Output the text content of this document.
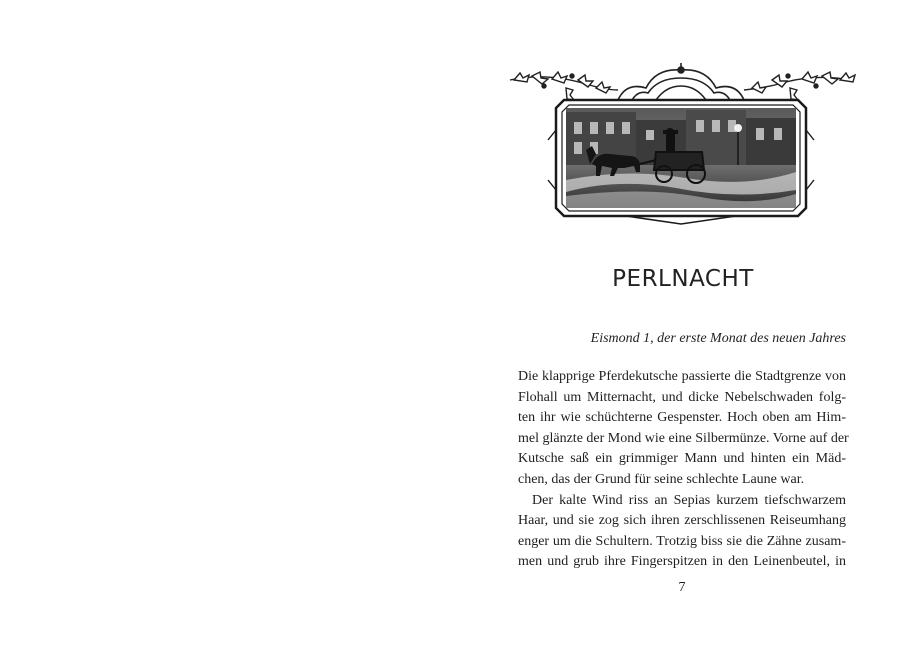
PERLNACHT

Eismond 1, der erste Monat des neuen Jahres

Die klapprige Pferdekutsche passierte die Stadtgrenze von
Flohall um Mitternacht, und dicke Nebelschwaden folg-
ten ihr wie schüchterne Gespenster. Hoch oben am Him-
mel glänzte der Mond wie eine Silbermünze. Vorne auf der
Kutsche saß ein grimmiger Mann und hinten ein Mäd-
chen, das der Grund für seine schlechte Laune war.
Der kalte Wind riss an Sepias kurzem tiefschwarzem
Haar, und sie zog sich ihren zerschlissenen Reiseumhang
enger um die Schultern. Trotzig biss sie die Zähne zusam-
men und grub ihre Fingerspitzen in den Leinenbeutel, in

7
